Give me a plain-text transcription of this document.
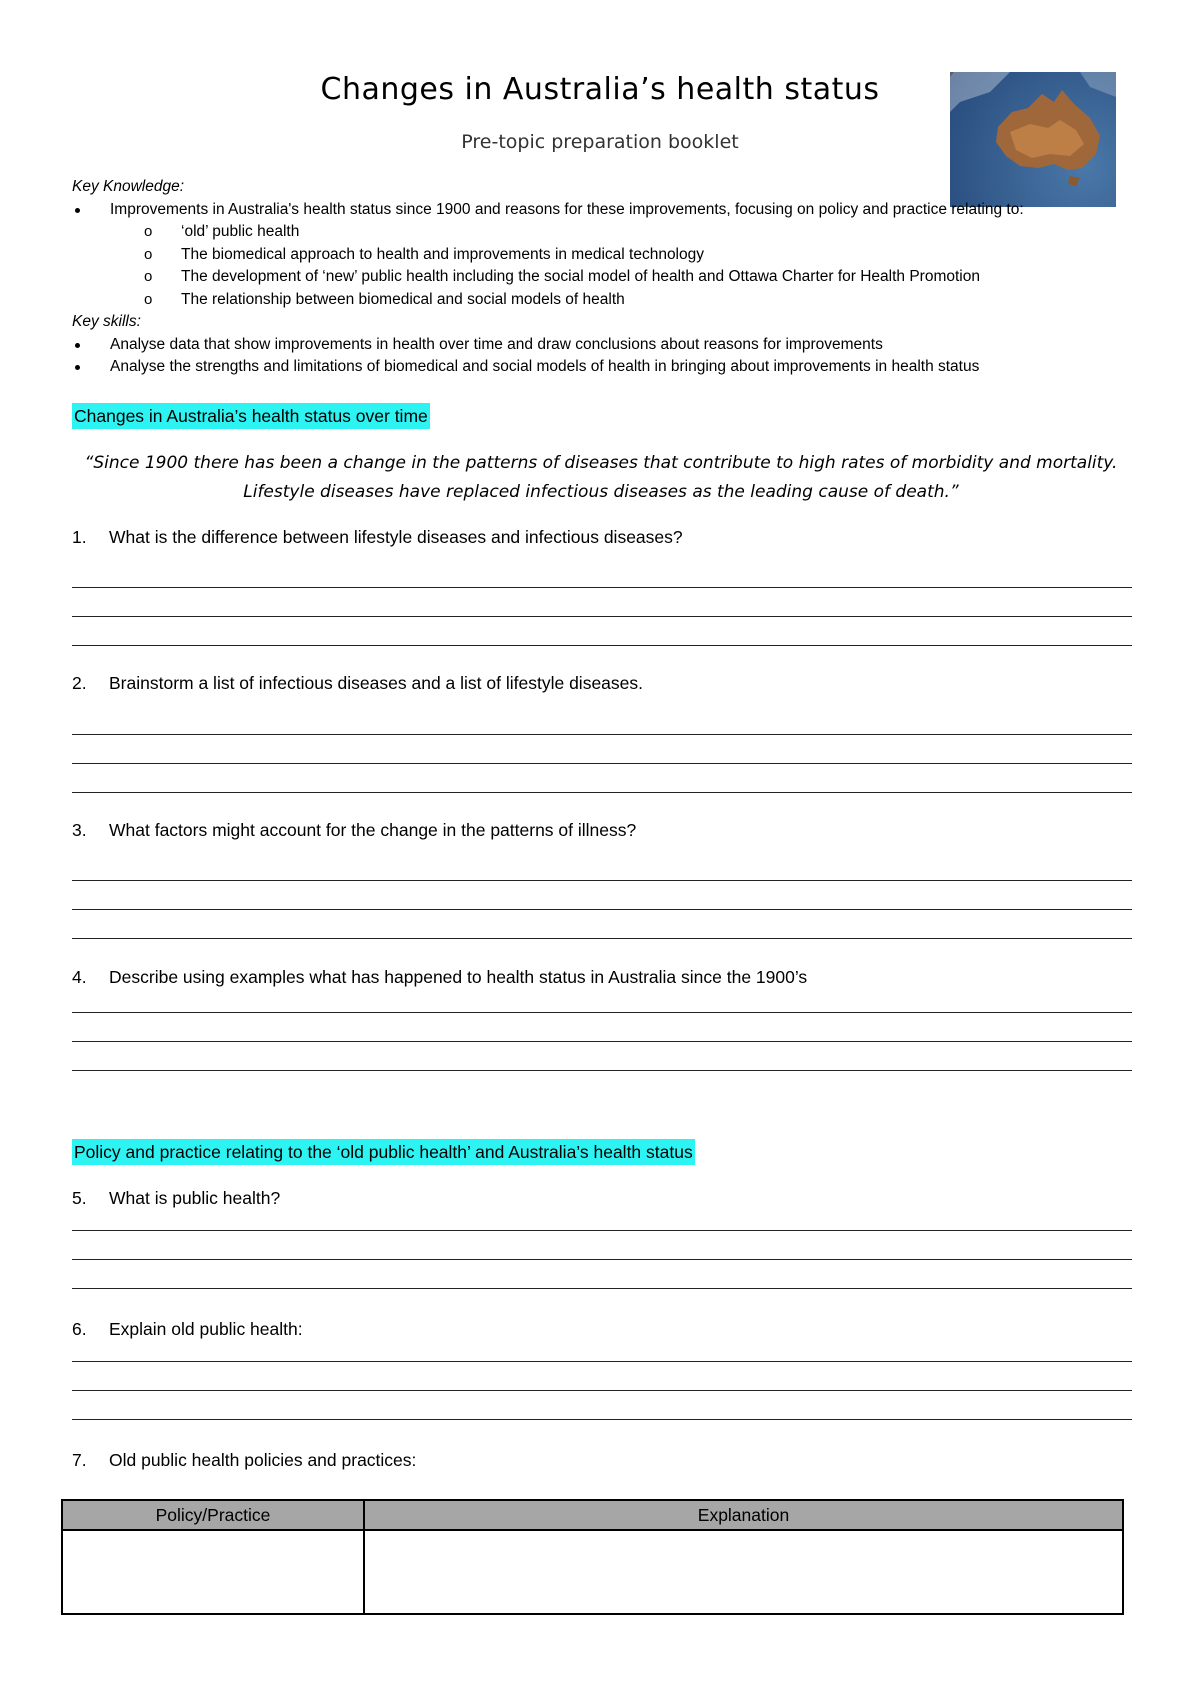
Changes in Australia’s health status
Pre-topic preparation booklet
Key Knowledge:
Improvements in Australia's health status since 1900 and reasons for these improvements, focusing on policy and practice relating to:
o ‘old’ public health
o The biomedical approach to health and improvements in medical technology
o The development of ‘new’ public health including the social model of health and Ottawa Charter for Health Promotion
o The relationship between biomedical and social models of health
Key skills:
Analyse data that show improvements in health over time and draw conclusions about reasons for improvements
Analyse the strengths and limitations of biomedical and social models of health in bringing about improvements in health status
Changes in Australia’s health status over time
“Since 1900 there has been a change in the patterns of diseases that contribute to high rates of morbidity and mortality.
Lifestyle diseases have replaced infectious diseases as the leading cause of death.”
1. What is the difference between lifestyle diseases and infectious diseases?
2. Brainstorm a list of infectious diseases and a list of lifestyle diseases.
3. What factors might account for the change in the patterns of illness?
4. Describe using examples what has happened to health status in Australia since the 1900’s
Policy and practice relating to the ‘old public health’ and Australia’s health status
5. What is public health?
6. Explain old public health:
7. Old public health policies and practices:
Policy/Practice	Explanation
